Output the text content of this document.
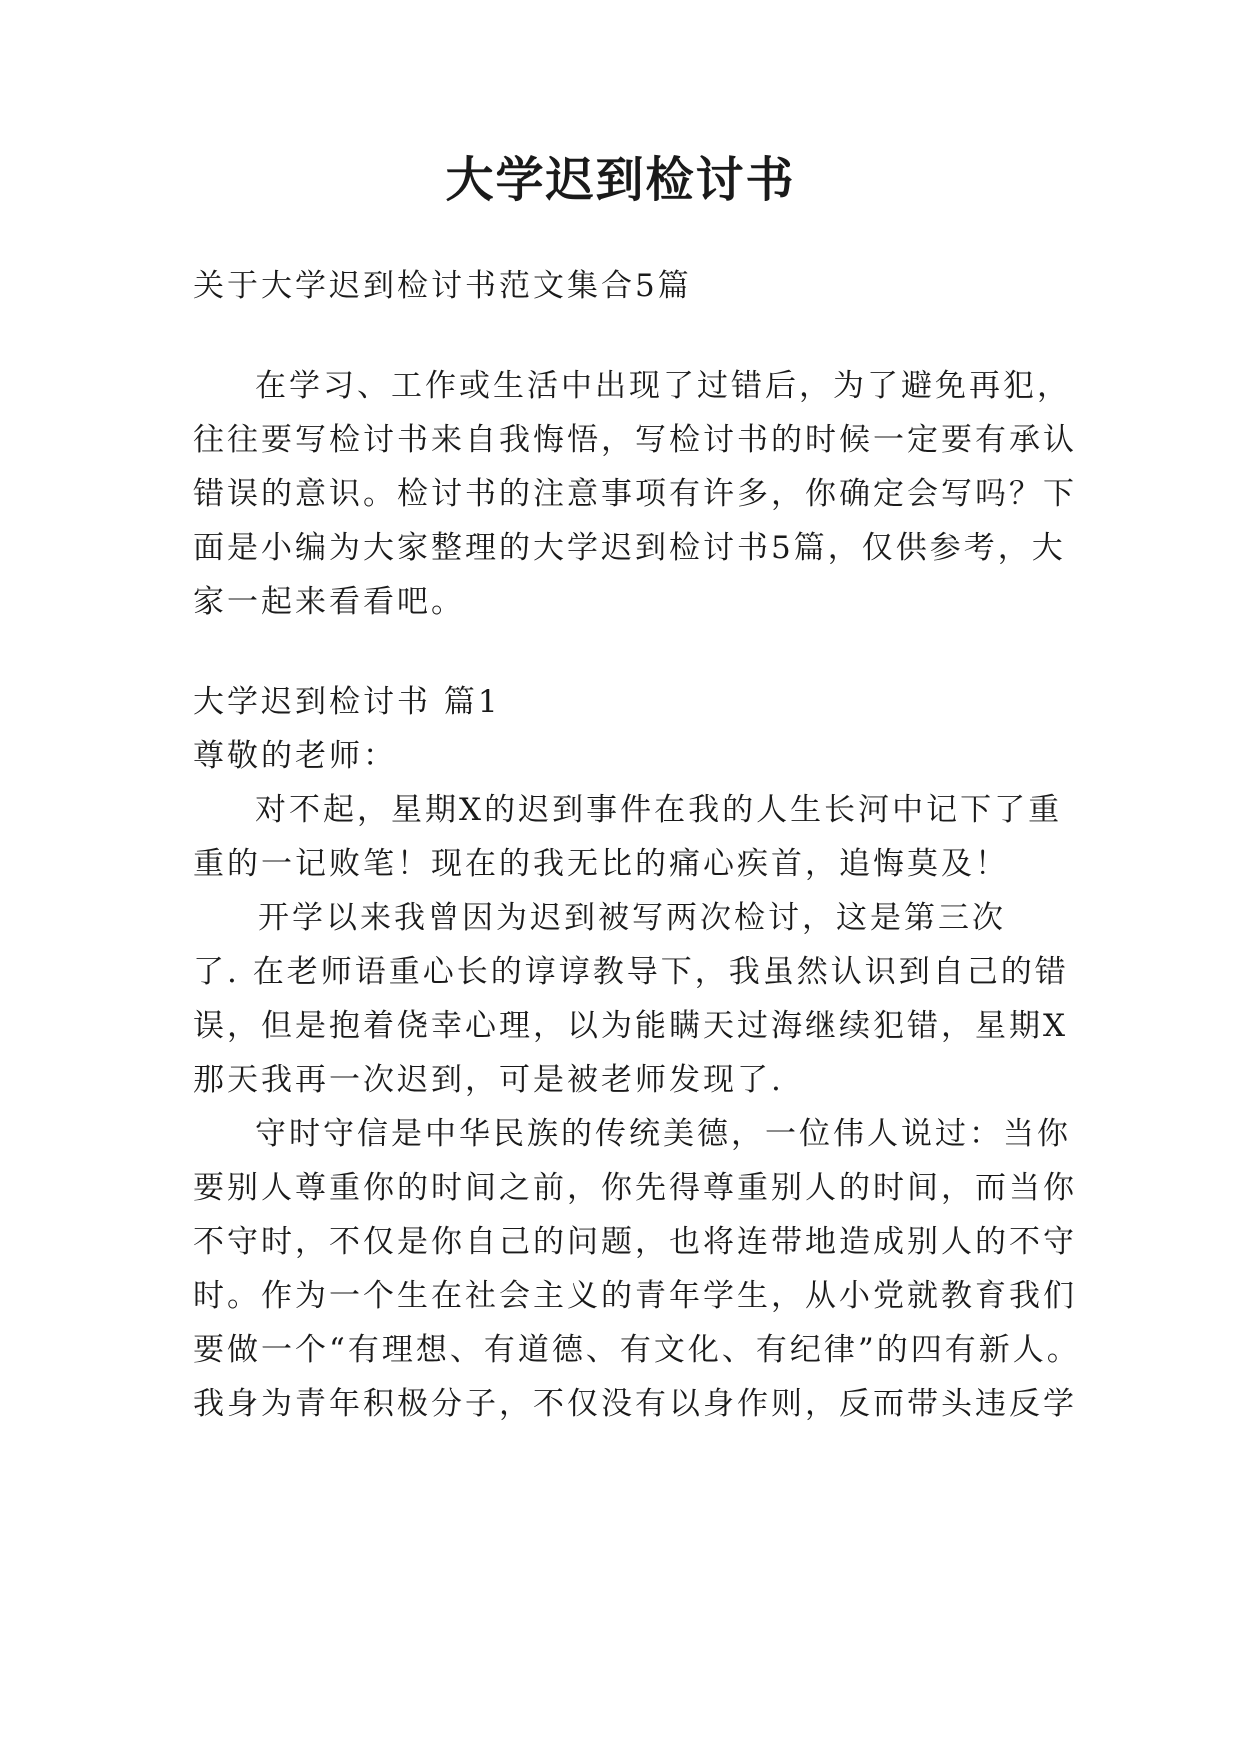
大学迟到检讨书
关于大学迟到检讨书范文集合5篇
在学习、工作或生活中出现了过错后，为了避免再犯，
往往要写检讨书来自我悔悟，写检讨书的时候一定要有承认
错误的意识。检讨书的注意事项有许多，你确定会写吗？下
面是小编为大家整理的大学迟到检讨书5篇，仅供参考，大
家一起来看看吧。
大学迟到检讨书 篇1
尊敬的老师：
对不起，星期X的迟到事件在我的人生长河中记下了重
重的一记败笔！现在的我无比的痛心疾首，追悔莫及！
开学以来我曾因为迟到被写两次检讨，这是第三次
了. 在老师语重心长的谆谆教导下，我虽然认识到自己的错
误，但是抱着侥幸心理，以为能瞒天过海继续犯错，星期X
那天我再一次迟到，可是被老师发现了.
守时守信是中华民族的传统美德，一位伟人说过：当你
要别人尊重你的时间之前，你先得尊重别人的时间，而当你
不守时，不仅是你自己的问题，也将连带地造成别人的不守
时。作为一个生在社会主义的青年学生，从小党就教育我们
要做一个“有理想、有道德、有文化、有纪律”的四有新人。
我身为青年积极分子，不仅没有以身作则，反而带头违反学
